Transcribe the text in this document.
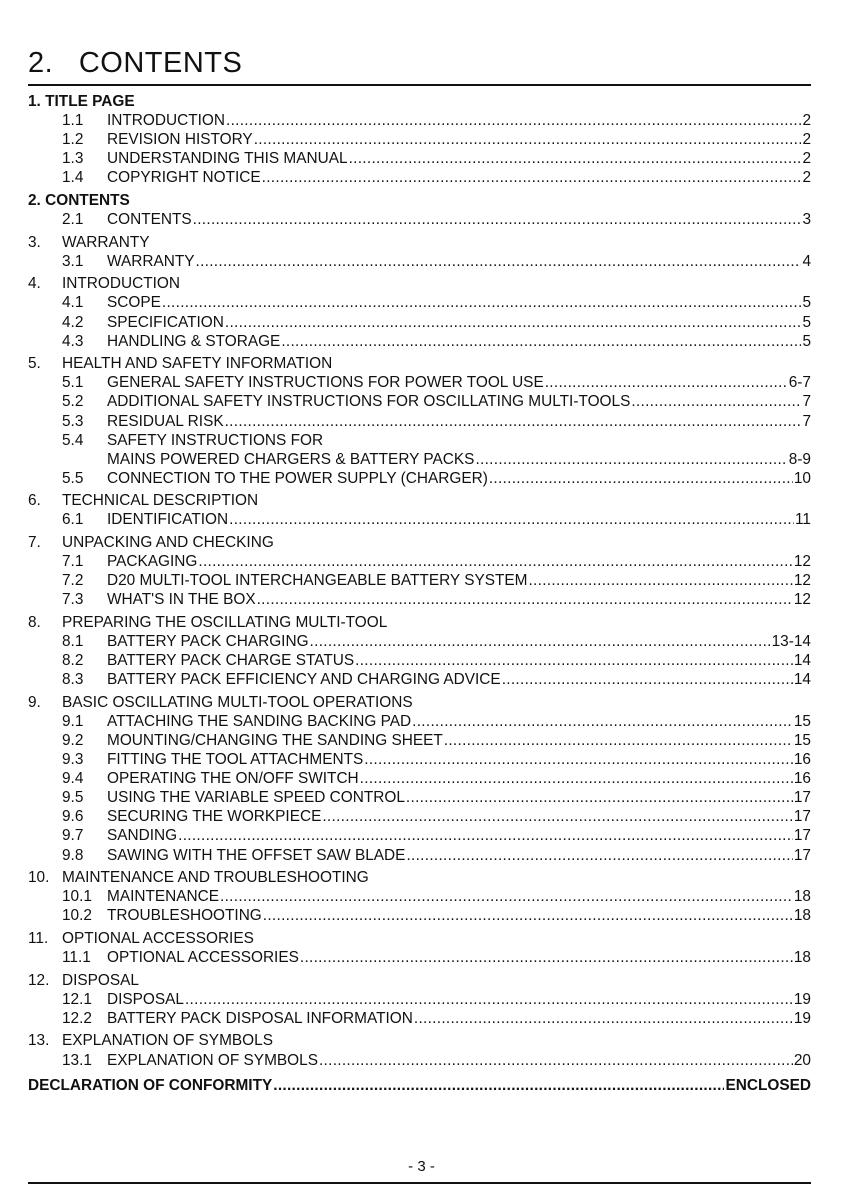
2.   CONTENTS
1. TITLE PAGE
1.1	INTRODUCTION .....	2
1.2	REVISION HISTORY .....	2
1.3	UNDERSTANDING THIS MANUAL .....	2
1.4	COPYRIGHT NOTICE .....	2
2. CONTENTS
2.1	CONTENTS .....	3
3.	WARRANTY
3.1	WARRANTY .....	4
4.	INTRODUCTION
4.1	SCOPE .....	5
4.2	SPECIFICATION .....	5
4.3	HANDLING & STORAGE .....	5
5.	HEALTH AND SAFETY INFORMATION
5.1	GENERAL SAFETY INSTRUCTIONS FOR POWER TOOL USE .....	6-7
5.2	ADDITIONAL SAFETY INSTRUCTIONS FOR OSCILLATING MULTI-TOOLS .....	7
5.3	RESIDUAL RISK .....	7
5.4	SAFETY INSTRUCTIONS FOR
MAINS POWERED CHARGERS & BATTERY PACKS .....	8-9
5.5	CONNECTION TO THE POWER SUPPLY (CHARGER) .....	10
6.	TECHNICAL DESCRIPTION
6.1	IDENTIFICATION .....	11
7.	UNPACKING AND CHECKING
7.1	PACKAGING .....	12
7.2	D20 MULTI-TOOL INTERCHANGEABLE BATTERY SYSTEM .....	12
7.3	WHAT'S IN THE BOX .....	12
8.	PREPARING THE OSCILLATING MULTI-TOOL
8.1	BATTERY PACK CHARGING .....	13-14
8.2	BATTERY PACK CHARGE STATUS .....	14
8.3	BATTERY PACK EFFICIENCY AND CHARGING ADVICE .....	14
9.	BASIC OSCILLATING MULTI-TOOL OPERATIONS
9.1	ATTACHING THE SANDING BACKING PAD .....	15
9.2	MOUNTING/CHANGING THE SANDING SHEET .....	15
9.3	FITTING THE TOOL ATTACHMENTS .....	16
9.4	OPERATING THE ON/OFF SWITCH .....	16
9.5	USING THE VARIABLE SPEED CONTROL .....	17
9.6	SECURING THE WORKPIECE .....	17
9.7	SANDING .....	17
9.8	SAWING WITH THE OFFSET SAW BLADE .....	17
10. MAINTENANCE AND TROUBLESHOOTING
10.1 MAINTENANCE .....	18
10.2 TROUBLESHOOTING .....	18
11. OPTIONAL ACCESSORIES
11.1	OPTIONAL ACCESSORIES .....	18
12. DISPOSAL
12.1 DISPOSAL .....	19
12.2 BATTERY PACK DISPOSAL INFORMATION .....	19
13. EXPLANATION OF SYMBOLS
13.1 EXPLANATION OF SYMBOLS .....	20
DECLARATION OF CONFORMITY .....	ENCLOSED
- 3 -
